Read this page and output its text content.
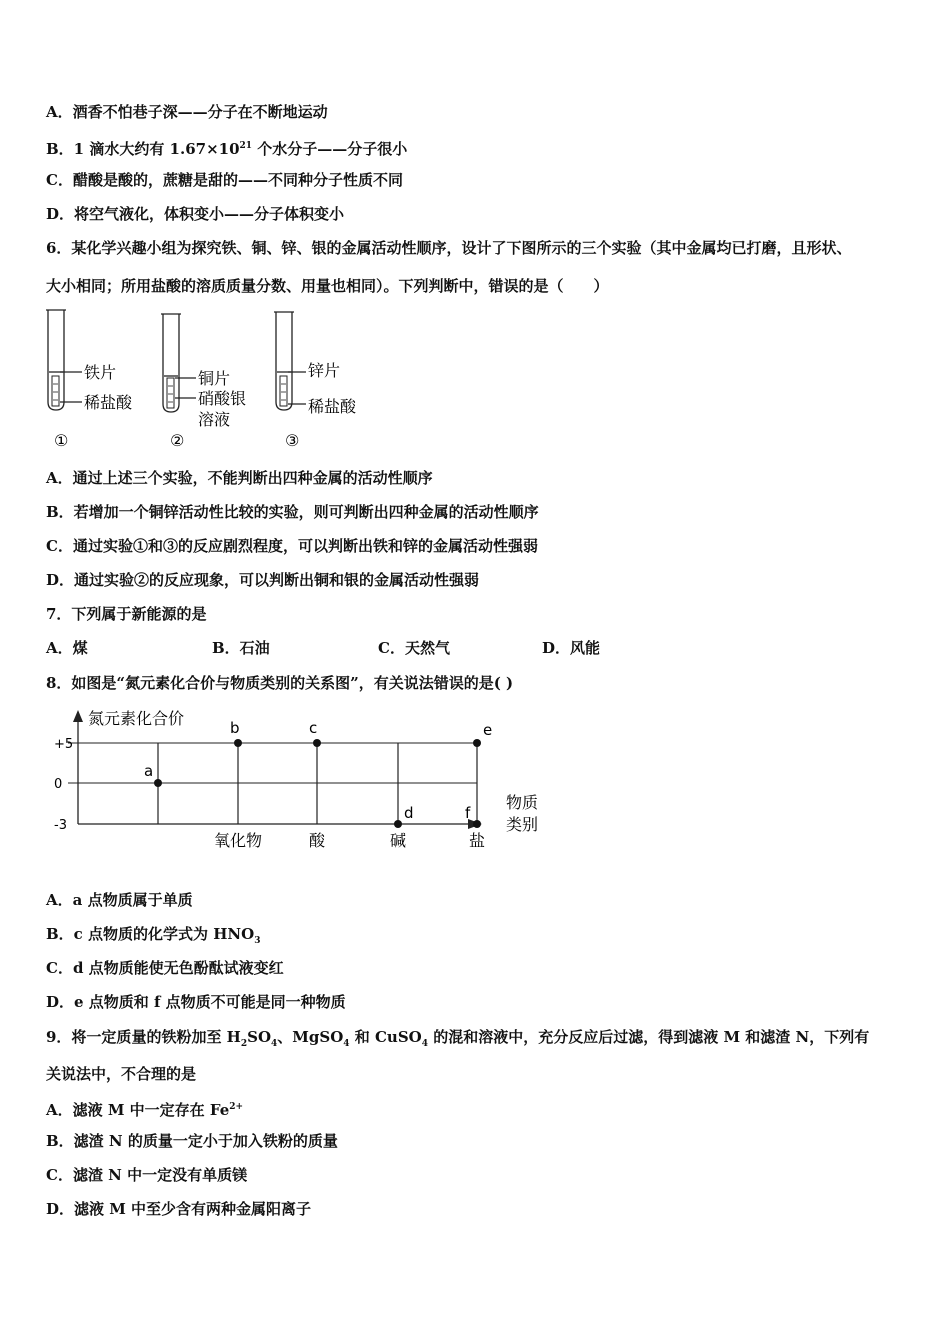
A．酒香不怕巷子深——分子在不断地运动
B．1 滴水大约有 $1.67\times 10^{21}$ 个水分子——分子很小
C．醋酸是酸的，蔗糖是甜的——不同种分子性质不同
D．将空气液化，体积变小——分子体积变小
6．某化学兴趣小组为探究铁、铜、锌、银的金属活动性顺序，设计了下图所示的三个实验（其中金属均已打磨，且形状、
大小相同；所用盐酸的溶质质量分数、用量也相同）。下列判断中，错误的是（　　）
铁片
稀盐酸
①
铜片
硝酸银
溶液
②
锌片
稀盐酸
③
A．通过上述三个实验，不能判断出四种金属的活动性顺序
B．若增加一个铜锌活动性比较的实验，则可判断出四种金属的活动性顺序
C．通过实验①和③的反应剧烈程度，可以判断出铁和锌的金属活动性强弱
D．通过实验②的反应现象，可以判断出铜和银的金属活动性强弱
7．下列属于新能源的是
A．煤	B．石油	C．天然气	D．风能
8．如图是“氮元素化合价与物质类别的关系图”，有关说法错误的是( )
氮元素化合价
物质
类别
+5
0
-3
氧化物	酸	碱	盐
a
b	c
d
e
f
A．a 点物质属于单质
B．c 点物质的化学式为 $HNO_3$
C．d 点物质能使无色酚酞试液变红
D．e 点物质和 f 点物质不可能是同一种物质
9．将一定质量的铁粉加至 $H_2SO_4$、MgSO$_4$ 和 CuSO$_4$ 的混和溶液中，充分反应后过滤，得到滤液 M 和滤渣 N，下列有
关说法中，不合理的是
A．滤液 M 中一定存在 $Fe^{2+}$
B．滤渣 N 的质量一定小于加入铁粉的质量
C．滤渣 N 中一定没有单质镁
D．滤液 M 中至少含有两种金属阳离子
